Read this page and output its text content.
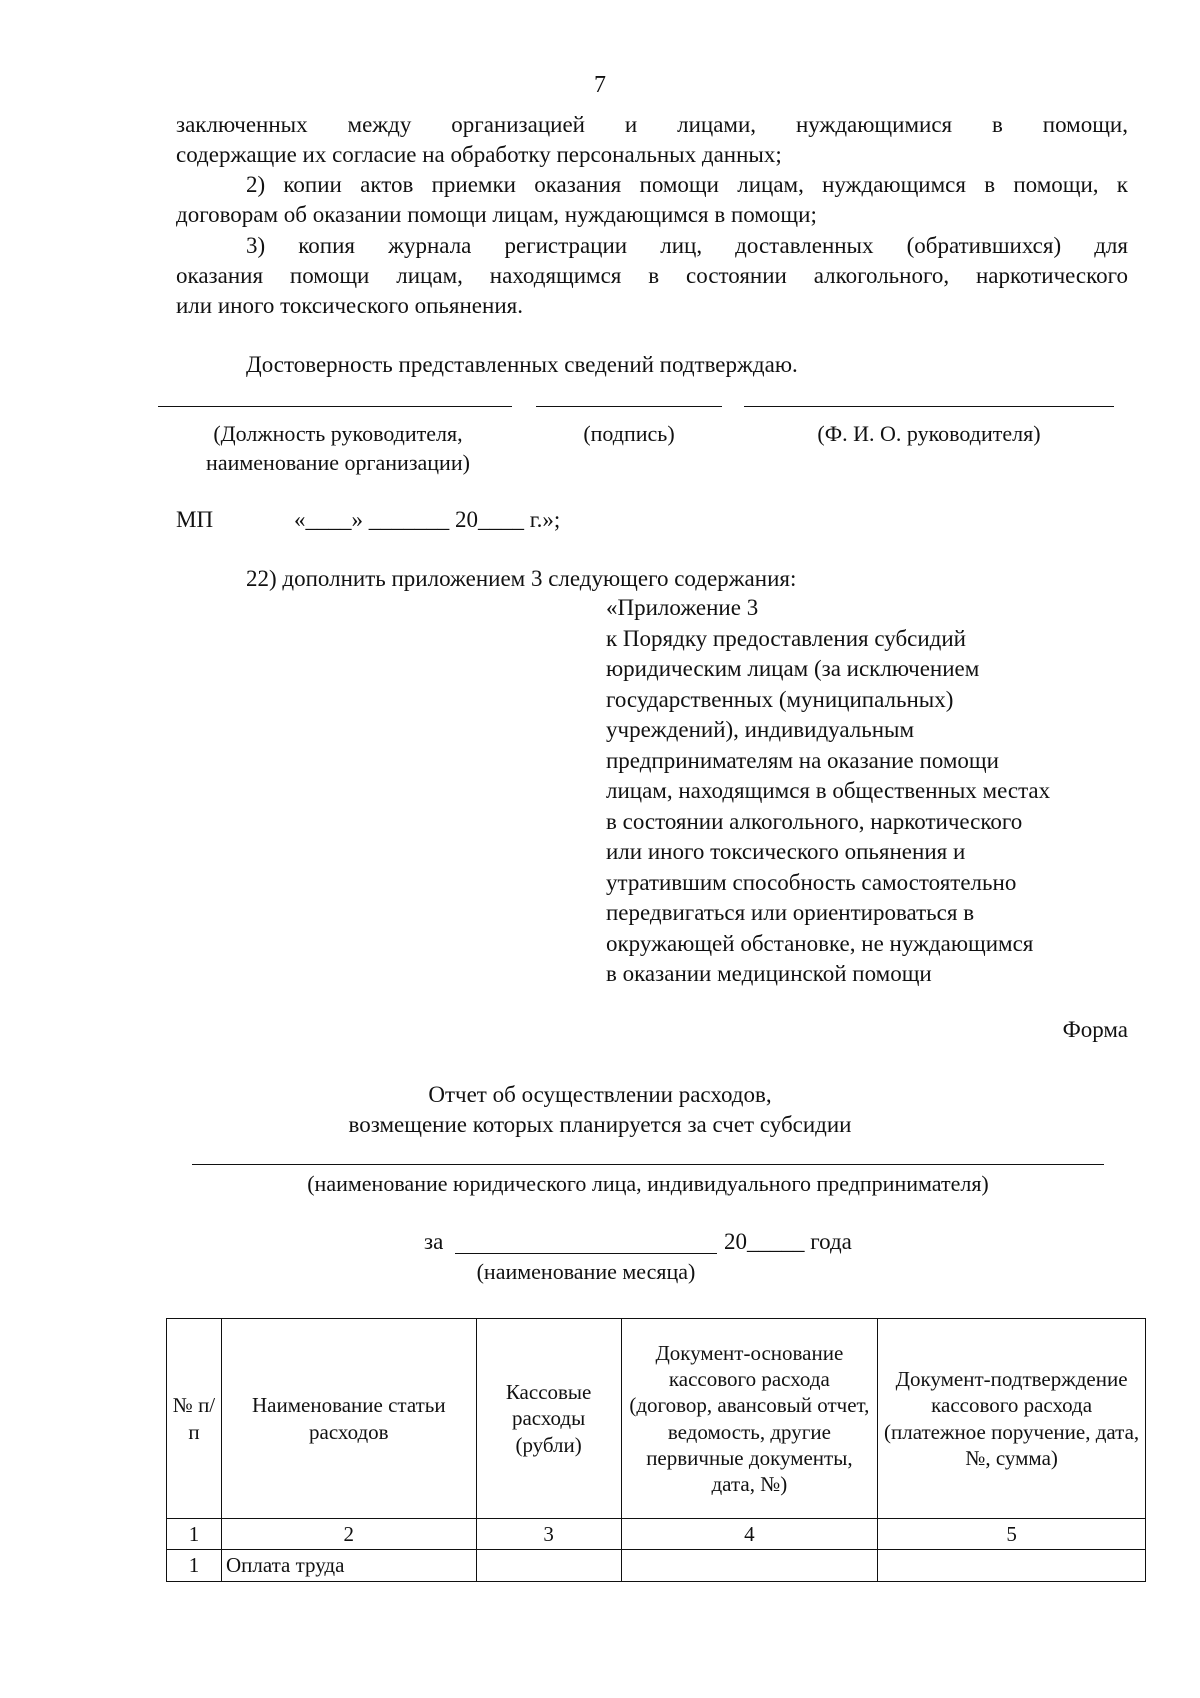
7
заключенных между организацией и лицами, нуждающимися в помощи,
содержащие их согласие на обработку персональных данных;
2) копии актов приемки оказания помощи лицам, нуждающимся в помощи, к
договорам об оказании помощи лицам, нуждающимся в помощи;
3) копия журнала регистрации лиц, доставленных (обратившихся) для
оказания помощи лицам, находящимся в состоянии алкогольного, наркотического
или иного токсического опьянения.
Достоверность представленных сведений подтверждаю.
(Должность руководителя,
наименование организации)
(подпись)	(Ф. И. О. руководителя)
МП	«____» _______ 20____ г.»;
22) дополнить приложением 3 следующего содержания:
«Приложение 3
к Порядку предоставления субсидий
юридическим лицам (за исключением
государственных (муниципальных)
учреждений), индивидуальным
предпринимателям на оказание помощи
лицам, находящимся в общественных местах
в состоянии алкогольного, наркотического
или иного токсического опьянения и
утратившим способность самостоятельно
передвигаться или ориентироваться в
окружающей обстановке, не нуждающимся
в оказании медицинской помощи
Форма
Отчет об осуществлении расходов,
возмещение которых планируется за счет субсидии
(наименование юридического лица, индивидуального предпринимателя)
за	20_____ года
(наименование месяца)
№ п/п	Наименование статьи расходов	Кассовые расходы (рубли)	Документ-основание кассового расхода (договор, авансовый отчет, ведомость, другие первичные документы, дата, №)	Документ-подтверждение кассового расхода (платежное поручение, дата, №, сумма)
1	2	3	4	5
1	Оплата труда			
